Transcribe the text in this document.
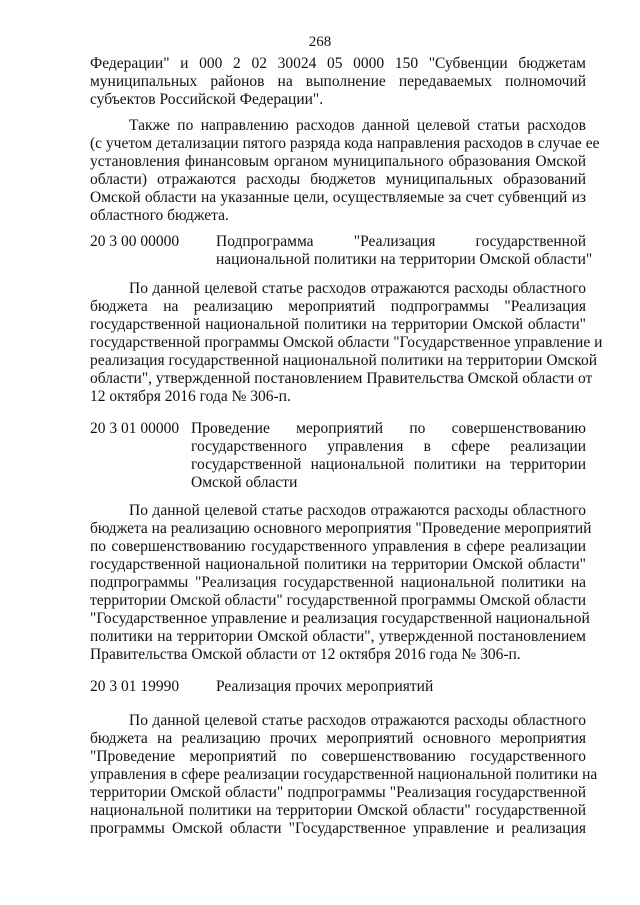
268
Федерации" и 000 2 02 30024 05 0000 150 "Субвенции бюджетам
муниципальных районов на выполнение передаваемых полномочий
субъектов Российской Федерации".
Также по направлению расходов данной целевой статьи расходов
(с учетом детализации пятого разряда кода направления расходов в случае ее
установления финансовым органом муниципального образования Омской
области) отражаются расходы бюджетов муниципальных образований
Омской области на указанные цели, осуществляемые за счет субвенций из
областного бюджета.
20 3 00 00000 Подпрограмма "Реализация государственной
национальной политики на территории Омской области"
По данной целевой статье расходов отражаются расходы областного
бюджета на реализацию мероприятий подпрограммы "Реализация
государственной национальной политики на территории Омской области"
государственной программы Омской области "Государственное управление и
реализация государственной национальной политики на территории Омской
области", утвержденной постановлением Правительства Омской области от
12 октября 2016 года № 306-п.
20 3 01 00000 Проведение мероприятий по совершенствованию
государственного управления в сфере реализации
государственной национальной политики на территории
Омской области
По данной целевой статье расходов отражаются расходы областного
бюджета на реализацию основного мероприятия "Проведение мероприятий
по совершенствованию государственного управления в сфере реализации
государственной национальной политики на территории Омской области"
подпрограммы "Реализация государственной национальной политики на
территории Омской области" государственной программы Омской области
"Государственное управление и реализация государственной национальной
политики на территории Омской области", утвержденной постановлением
Правительства Омской области от 12 октября 2016 года № 306-п.
20 3 01 19990 Реализация прочих мероприятий
По данной целевой статье расходов отражаются расходы областного
бюджета на реализацию прочих мероприятий основного мероприятия
"Проведение мероприятий по совершенствованию государственного
управления в сфере реализации государственной национальной политики на
территории Омской области" подпрограммы "Реализация государственной
национальной политики на территории Омской области" государственной
программы Омской области "Государственное управление и реализация
